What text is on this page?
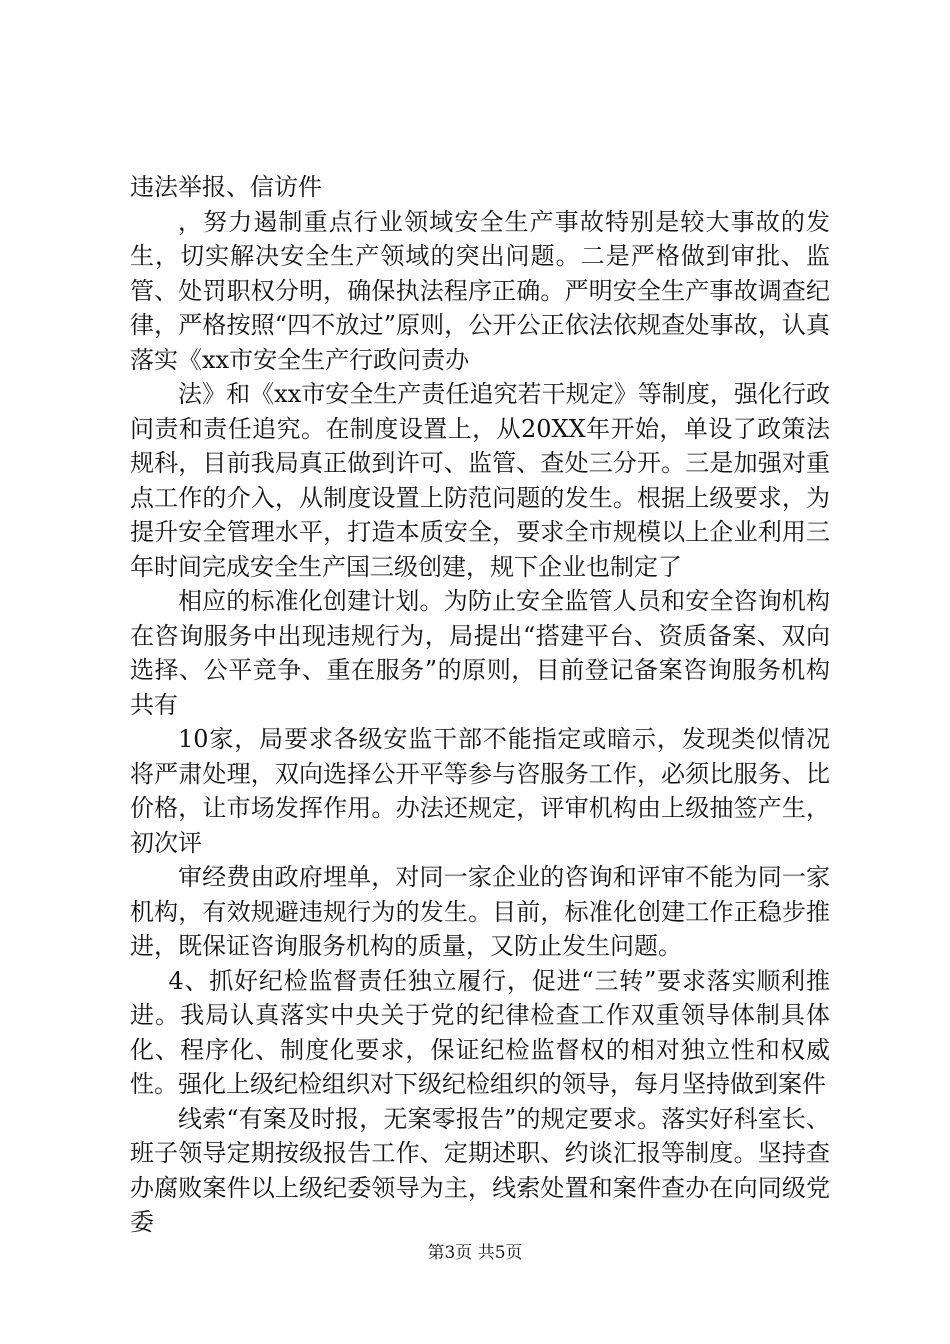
违法举报、信访件

，努力遏制重点行业领域安全生产事故特别是较大事故的发生，切实解决安全生产领域的突出问题。二是严格做到审批、监管、处罚职权分明，确保执法程序正确。严明安全生产事故调查纪律，严格按照“四不放过”原则，公开公正依法依规查处事故，认真落实《xx市安全生产行政问责办

法》和《xx市安全生产责任追究若干规定》等制度，强化行政问责和责任追究。在制度设置上，从20XX年开始，单设了政策法规科，目前我局真正做到许可、监管、查处三分开。三是加强对重点工作的介入，从制度设置上防范问题的发生。根据上级要求，为提升安全管理水平，打造本质安全，要求全市规模以上企业利用三年时间完成安全生产国三级创建，规下企业也制定了

相应的标准化创建计划。为防止安全监管人员和安全咨询机构在咨询服务中出现违规行为，局提出“搭建平台、资质备案、双向选择、公平竞争、重在服务”的原则，目前登记备案咨询服务机构共有

10家，局要求各级安监干部不能指定或暗示，发现类似情况将严肃处理，双向选择公开平等参与咨服务工作，必须比服务、比价格，让市场发挥作用。办法还规定，评审机构由上级抽签产生，初次评

审经费由政府埋单，对同一家企业的咨询和评审不能为同一家机构，有效规避违规行为的发生。目前，标准化创建工作正稳步推进，既保证咨询服务机构的质量，又防止发生问题。

4、抓好纪检监督责任独立履行，促进“三转”要求落实顺利推进。我局认真落实中央关于党的纪律检查工作双重领导体制具体化、程序化、制度化要求，保证纪检监督权的相对独立性和权威性。强化上级纪检组织对下级纪检组织的领导，每月坚持做到案件

线索“有案及时报，无案零报告”的规定要求。落实好科室长、班子领导定期按级报告工作、定期述职、约谈汇报等制度。坚持查办腐败案件以上级纪委领导为主，线索处置和案件查办在向同级党委

第3页 共5页
